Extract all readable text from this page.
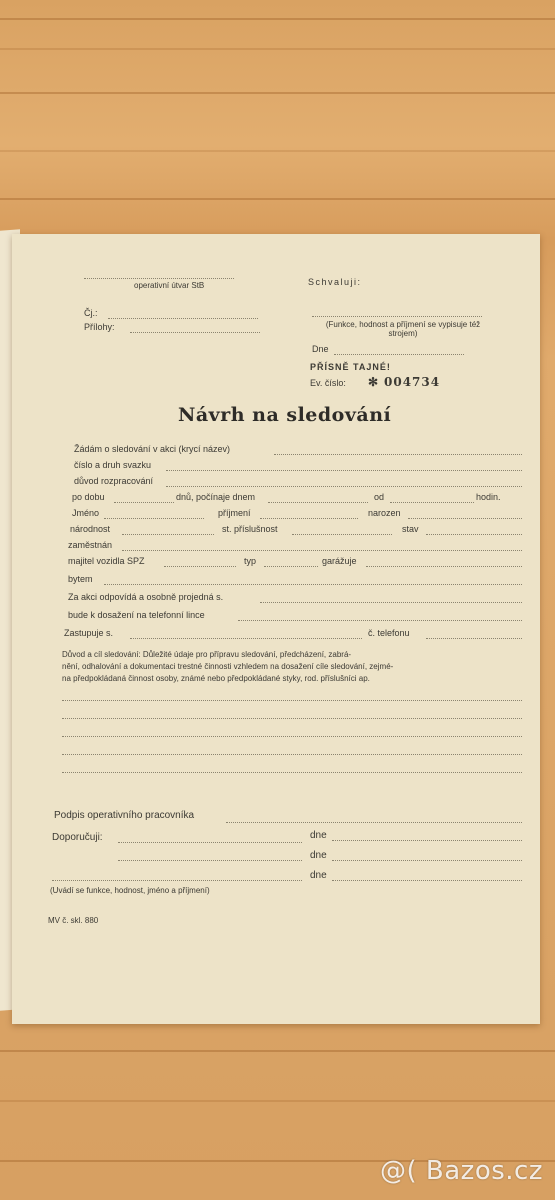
operativní útvar StB	Schvaluji:
Čj.:
Přílohy:	(Funkce, hodnost a příjmení se vypisuje též strojem)
Dne
PŘÍSNĚ TAJNÉ!
Ev. číslo: ✻ 004734
Návrh na sledování
Žádám o sledování v akci (krycí název)
číslo a druh svazku
důvod rozpracování
po dobu	dnů, počínaje dnem	od	hodin.
Jméno	příjmení	narozen
národnost	st. příslušnost	stav
zaměstnán
majitel vozidla SPZ	typ	garážuje
bytem
Za akci odpovídá a osobně projedná s.
bude k dosažení na telefonní lince
Zastupuje s.	č. telefonu
Důvod a cíl sledování: Důležité údaje pro přípravu sledování, předcházení, zabrá-
nění, odhalování a dokumentaci trestné činnosti vzhledem na dosažení cíle sledování, zejmé-
na předpokládaná činnost osoby, známé nebo předpokládané styky, rod. příslušníci ap.
Podpis operativního pracovníka
Doporučuji:	dne
dne
dne
(Uvádí se funkce, hodnost, jméno a příjmení)
MV č. skl. 880
@( Bazos.cz
